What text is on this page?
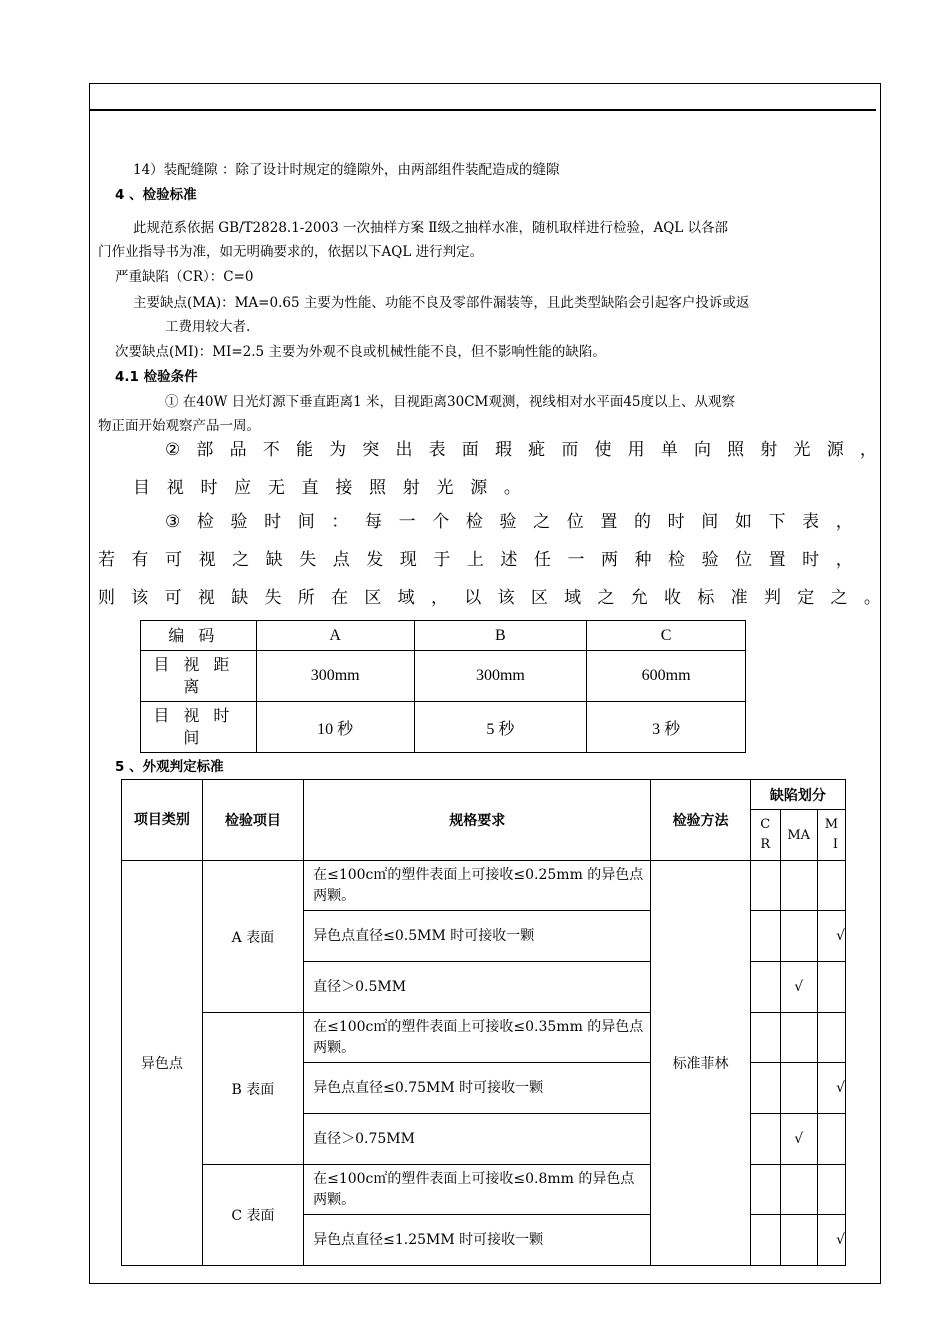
14）装配缝隙 ：除了设计时规定的缝隙外，由两部组件装配造成的缝隙
4 、检验标准
此规范系依据 GB/T2828.1-2003 一次抽样方案 Ⅱ级之抽样水准，随机取样进行检验，AQL 以各部
门作业指导书为准，如无明确要求的，依据以下AQL 进行判定。
严重缺陷（CR）：C=0
主要缺点(MA)：MA=0.65 主要为性能、功能不良及零部件漏装等，且此类型缺陷会引起客户投诉或返
工费用较大者.
次要缺点(MI)：MI=2.5 主要为外观不良或机械性能不良，但不影响性能的缺陷。
4.1 检验条件
① 在40W 日光灯源下垂直距离1 米，目视距离30CM观测，视线相对水平面45度以上、从观察
物正面开始观察产品一周。
② 部 品 不 能 为 突 出 表 面 瑕 疵 而 使 用 单 向 照 射 光 源 ，
目 视 时 应 无 直 接 照 射 光 源 。
③ 检 验 时 间 ： 每 一 个 检 验 之 位 置 的 时 间 如 下 表 ，
若 有 可 视 之 缺 失 点 发 现 于 上 述 任 一 两 种 检 验 位 置 时 ，
则 该 可 视 缺 失 所 在 区 域 ， 以 该 区 域 之 允 收 标 准 判 定 之 。
编码	A	B	C
目视距离	300mm	300mm	600mm
目视时间	10 秒	5 秒	3 秒
5 、外观判定标准
项目类别	检验项目	规格要求	检验方法	缺陷划分		
				CR	MA	MI
异色点	A 表面	在≤100c㎡的塑件表面上可接收≤0.25mm 的异色点两颗。	标准菲林			
		异色点直径≤0.5MM 时可接收一颗				√
		直径＞0.5MM			√	
	B 表面	在≤100c㎡的塑件表面上可接收≤0.35mm 的异色点两颗。				
		异色点直径≤0.75MM 时可接收一颗				√
		直径＞0.75MM			√	
	C 表面	在≤100c㎡的塑件表面上可接收≤0.8mm 的异色点两颗。				
		异色点直径≤1.25MM 时可接收一颗				√
